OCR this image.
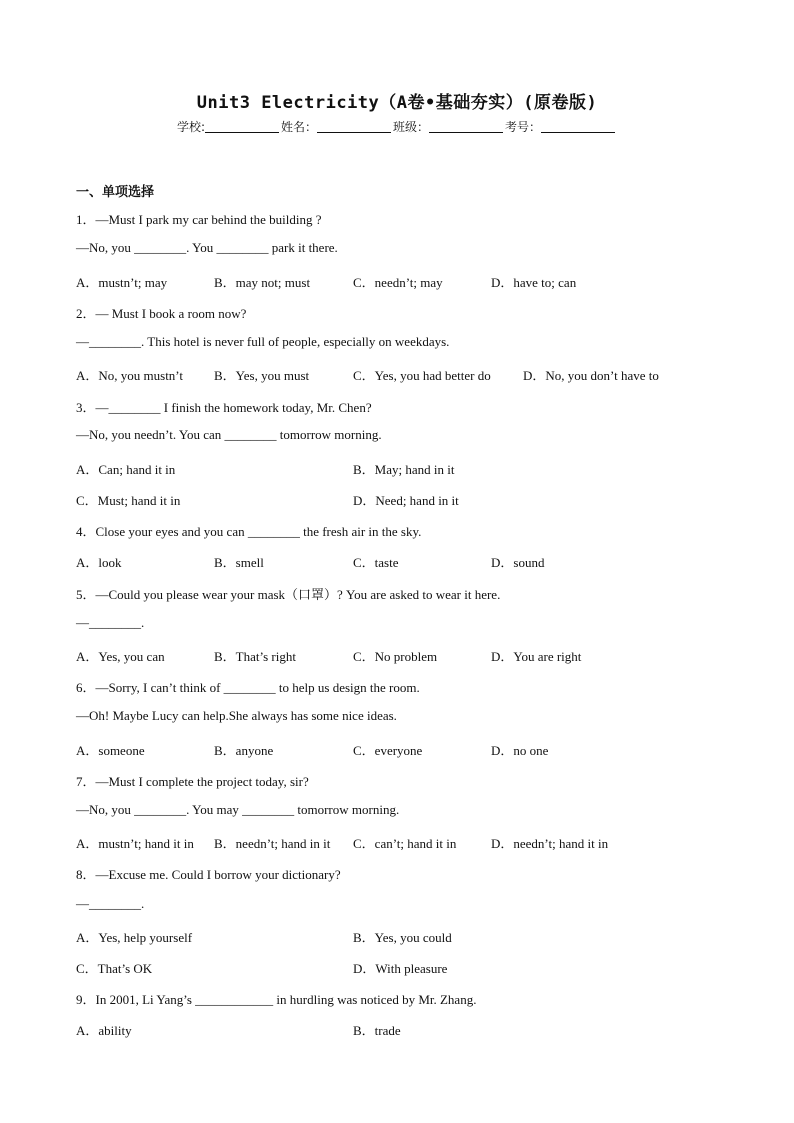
Unit3 Electricity（A卷•基础夯实）(原卷版)
学校:	姓名：	班级：	考号：
一、单项选择
1．—Must I park my car behind the building ?
—No, you ________. You ________ park it there.
A．mustn’t; may	B．may not; must	C．needn’t; may	D．have to; can
2．— Must I book a room now?
—________. This hotel is never full of people, especially on weekdays.
A．No, you mustn’t B．Yes, you must	C．Yes, you had better do D．No, you don’t have to
3．—________ I finish the homework today, Mr. Chen?
—No, you needn’t. You can ________ tomorrow morning.
A．Can; hand it in	B．May; hand in it
C．Must; hand it in	D．Need; hand in it
4．Close your eyes and you can ________ the fresh air in the sky.
A．look	B．smell	C．taste	D．sound
5．—Could you please wear your mask（口罩）? You are asked to wear it here.
—________.
A．Yes, you can	B．That’s right	C．No problem	D．You are right
6．—Sorry, I can’t think of ________ to help us design the room.
—Oh! Maybe Lucy can help.She always has some nice ideas.
A．someone	B．anyone	C．everyone	D．no one
7．—Must I complete the project today, sir?
—No, you ________. You may ________ tomorrow morning.
A．mustn’t; hand it in B．needn’t; hand in it C．can’t; hand it in	D．needn’t; hand it in
8．—Excuse me. Could I borrow your dictionary?
—________.
A．Yes, help yourself	B．Yes, you could
C．That’s OK	D．With pleasure
9．In 2001, Li Yang’s ____________ in hurdling was noticed by Mr. Zhang.
A．ability	B．trade
